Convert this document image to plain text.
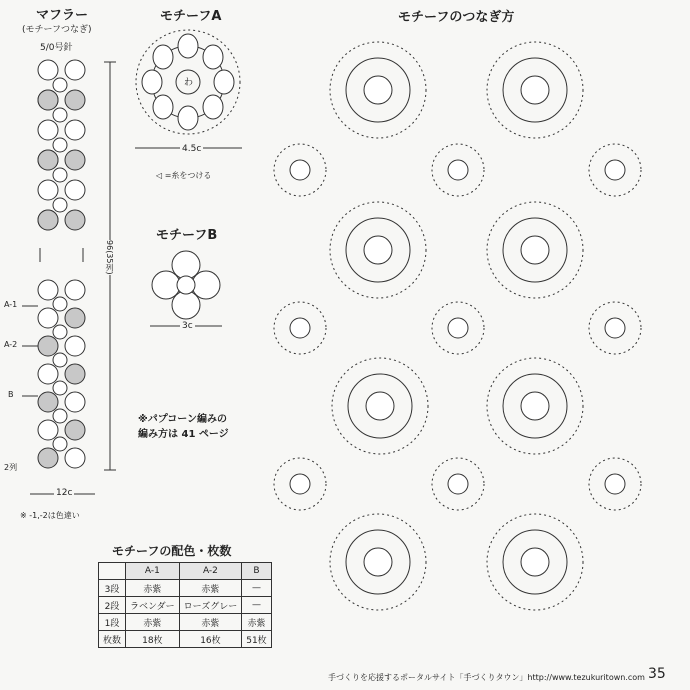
マフラー
(モチーフつなぎ)
5/0号針
96(35列)
A-1
A-2
B
2列
12c
※ -1,-2は色違い
モチーフA
わ
4.5c
◁ =糸をつける
モチーフB
3c
※パプコーン編みの
編み方は 41 ページ
モチーフのつなぎ方
モチーフの配色・枚数
	A-1	A-2	B
3段	赤紫	赤紫	—
2段	ラベンダー	ローズグレー	—
1段	赤紫	赤紫	赤紫
枚数	18枚	16枚	51枚
手づくりを応援するポータルサイト「手づくりタウン」http://www.tezukuritown.com 35
